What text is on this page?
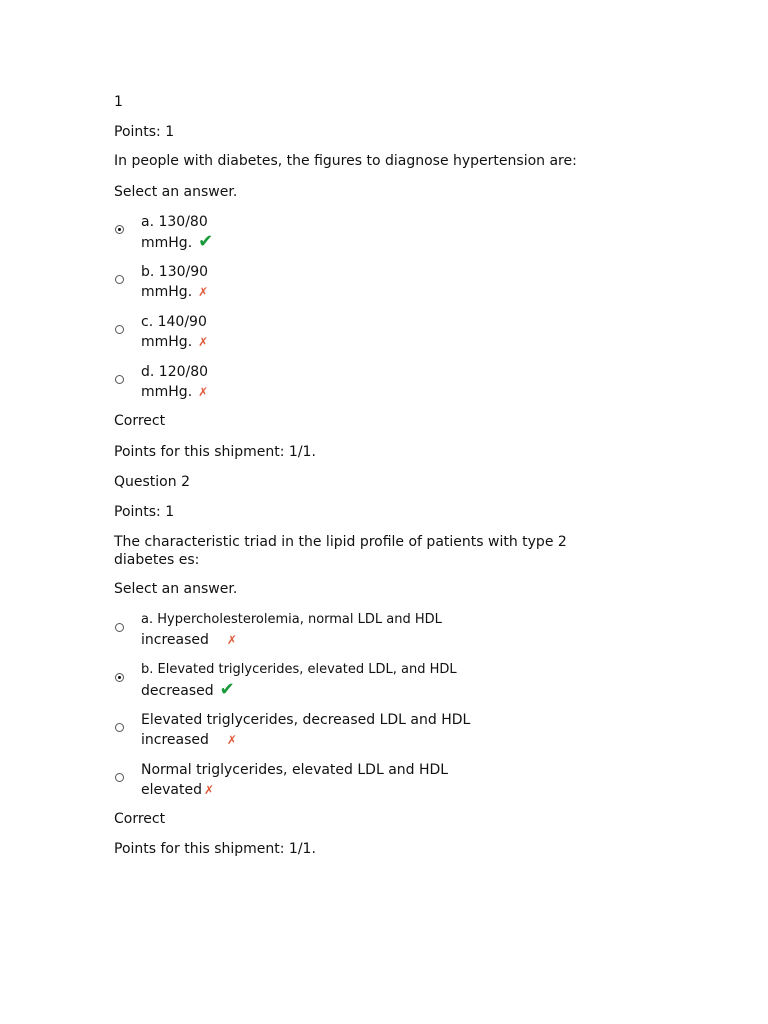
1
Points: 1
In people with diabetes, the figures to diagnose hypertension are:
Select an answer.
a. 130/80
mmHg. ✔
b. 130/90
mmHg. ✗
c. 140/90
mmHg. ✗
d. 120/80
mmHg. ✗
Correct
Points for this shipment: 1/1.
Question 2
Points: 1
The characteristic triad in the lipid profile of patients with type 2 diabetes es:
Select an answer.
a. Hypercholesterolemia, normal LDL and HDL
increased ✗
b. Elevated triglycerides, elevated LDL, and HDL
decreased ✔
Elevated triglycerides, decreased LDL and HDL
increased ✗
Normal triglycerides, elevated LDL and HDL
elevated ✗
Correct
Points for this shipment: 1/1.
